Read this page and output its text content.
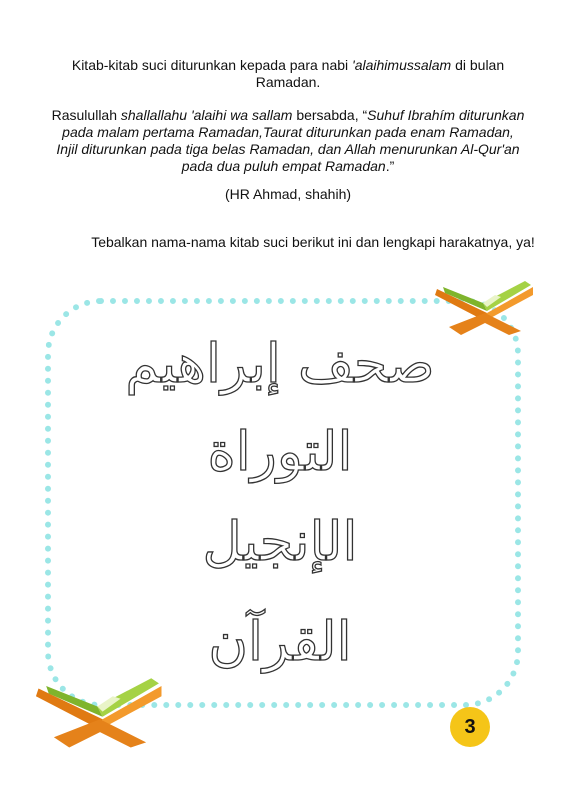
Kitab-kitab suci diturunkan kepada para nabi 'alaihimussalam di bulan Ramadan.
Rasulullah shallallahu 'alaihi wa sallam bersabda, “Suhuf Ibrahím diturunkan pada malam pertama Ramadan,Taurat diturunkan pada enam Ramadan, Injil diturunkan pada tiga belas Ramadan, dan Allah menurunkan Al-Qur'an pada dua puluh empat Ramadan.”
(HR Ahmad, shahih)
Tebalkan nama-nama kitab suci berikut ini dan lengkapi harakatnya, ya!
صحف إبراهيم
التوراة
الإنجيل
القرآن
3
